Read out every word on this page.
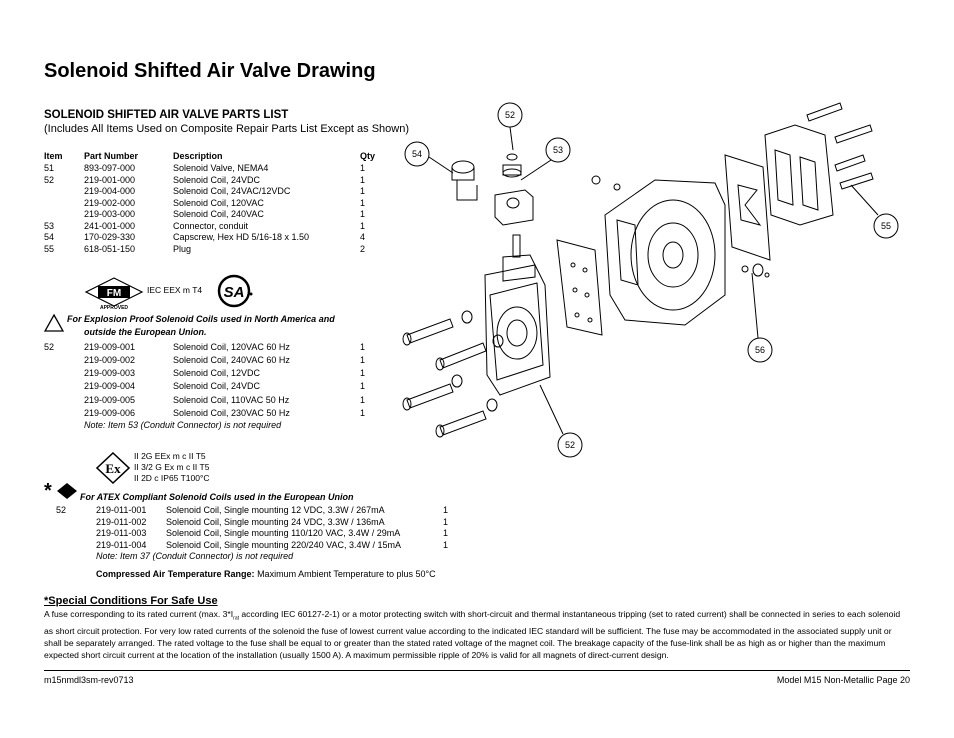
Solenoid Shifted Air Valve Drawing
SOLENOID SHIFTED AIR VALVE PARTS LIST
(Includes All Items Used on Composite Repair Parts List Except as Shown)
Item Part Number	Description	Qty
51	893-097-000	Solenoid Valve, NEMA4	1
52	219-001-000	Solenoid Coil, 24VDC	1
219-004-000	Solenoid Coil, 24VAC/12VDC	1
219-002-000	Solenoid Coil, 120VAC	1
219-003-000	Solenoid Coil, 240VAC	1
53	241-001-000	Connector, conduit	1
54	170-029-330	Capscrew, Hex HD 5/16-18 x 1.50	4
55	618-051-150	Plug	2
FM
APPROVED
IEC EEX m T4 SA
For Explosion Proof Solenoid Coils used in North America and
outside the European Union.
52	219-009-001	Solenoid Coil, 120VAC 60 Hz	1
219-009-002	Solenoid Coil, 240VAC 60 Hz	1
219-009-003	Solenoid Coil, 12VDC	1
219-009-004	Solenoid Coil, 24VDC	1
219-009-005	Solenoid Coil, 110VAC 50 Hz	1
219-009-006	Solenoid Coil, 230VAC 50 Hz	1
Note: Item 53 (Conduit Connector) is not required
Ex
II 2G EEx m c II T5
II 3/2 G Ex m c II T5
II 2D c IP65 T100°C
*	For ATEX Compliant Solenoid Coils used in the European Union
52	219-011-001 Solenoid Coil, Single mounting 12 VDC, 3.3W / 267mA	1
219-011-002 Solenoid Coil, Single mounting 24 VDC, 3.3W / 136mA	1
219-011-003 Solenoid Coil, Single mounting 110/120 VAC, 3.4W / 29mA	1
219-011-004 Solenoid Coil, Single mounting 220/240 VAC, 3.4W / 15mA	1
Note: Item 37 (Conduit Connector) is not required
Compressed Air Temperature Range: Maximum Ambient Temperature to plus 50°C
*Special Conditions For Safe Use
A fuse corresponding to its rated current (max. $3*I_{rat}$ according IEC 60127-2-1) or a motor protecting switch with short-circuit and thermal instantaneous tripping (set to rated current) shall be connected in series to each solenoid as short circuit protection. For very low rated currents of the solenoid the fuse of lowest current value according to the indicated IEC standard will be sufficient. The fuse may be accommodated in the associated supply unit or shall be separately arranged. The rated voltage to the fuse shall be equal to or greater than the stated rated voltage of the magnet coil. The breakage capacity of the fuse-link shall be as high as or higher than the maximum expected short circuit current at the location of the installation (usually 1500 A). A maximum permissible ripple of 20% is valid for all magnets of direct-current design.
m15nmdl3sm-rev0713	Model M15 Non-Metallic Page 20
52
53
54
55
56
52
